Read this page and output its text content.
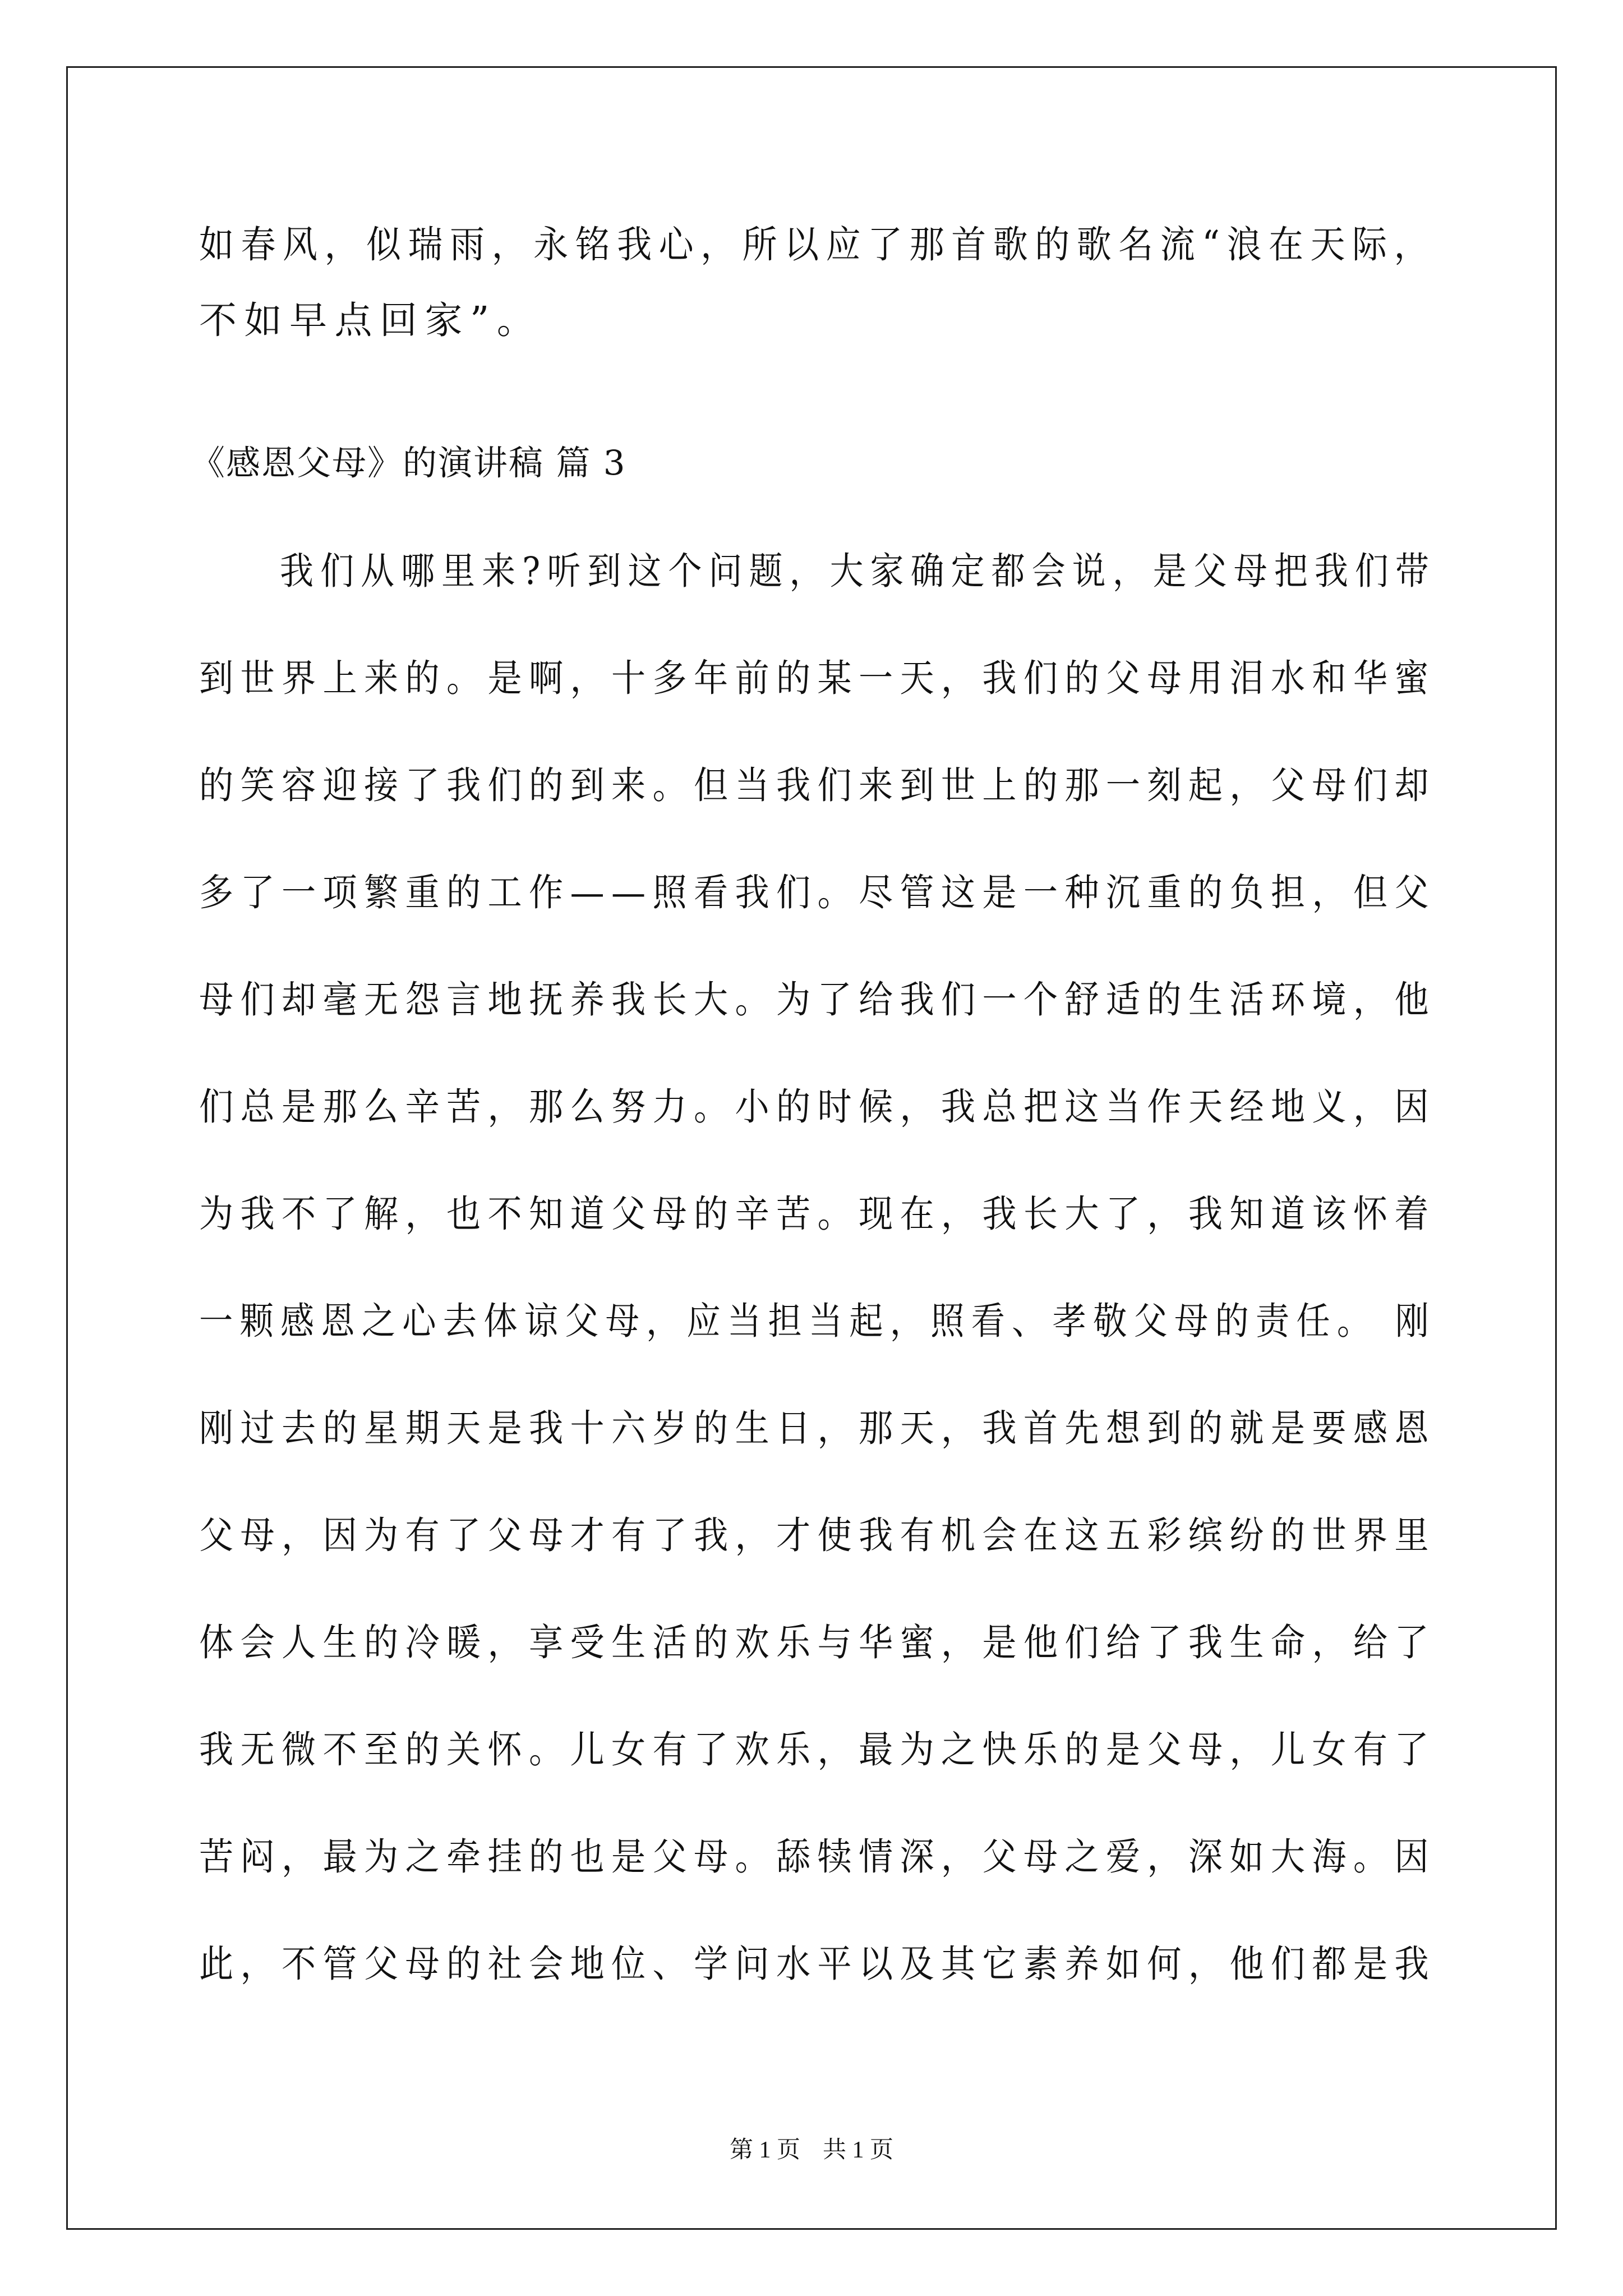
如春风，似瑞雨，永铭我心，所以应了那首歌的歌名流“浪在天际，
不如早点回家”。
《感恩父母》的演讲稿 篇 3
　　我们从哪里来?听到这个问题，大家确定都会说，是父母把我们带
到世界上来的。是啊，十多年前的某一天，我们的父母用泪水和华蜜
的笑容迎接了我们的到来。但当我们来到世上的那一刻起，父母们却
多了一项繁重的工作——照看我们。尽管这是一种沉重的负担，但父
母们却毫无怨言地抚养我长大。为了给我们一个舒适的生活环境，他
们总是那么辛苦，那么努力。小的时候，我总把这当作天经地义，因
为我不了解，也不知道父母的辛苦。现在，我长大了，我知道该怀着
一颗感恩之心去体谅父母，应当担当起，照看、孝敬父母的责任。 刚
刚过去的星期天是我十六岁的生日，那天，我首先想到的就是要感恩
父母，因为有了父母才有了我，才使我有机会在这五彩缤纷的世界里
体会人生的冷暖，享受生活的欢乐与华蜜，是他们给了我生命，给了
我无微不至的关怀。儿女有了欢乐，最为之快乐的是父母，儿女有了
苦闷，最为之牵挂的也是父母。舔犊情深，父母之爱，深如大海。因
此，不管父母的社会地位、学问水平以及其它素养如何，他们都是我
第 1 页 共 1 页
